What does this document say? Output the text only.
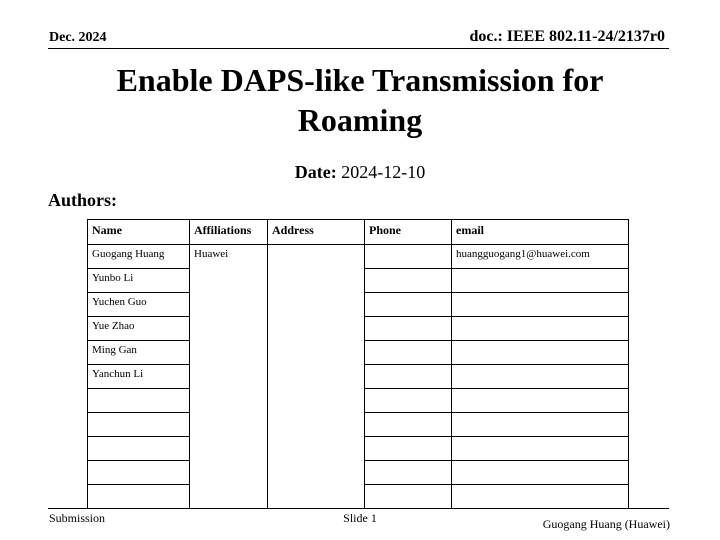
Dec. 2024	doc.: IEEE 802.11-24/2137r0
Enable DAPS-like Transmission for Roaming
Date: 2024-12-10
Authors:
Name	Affiliations	Address	Phone	email
Guogang Huang	Huawei			huangguogang1@huawei.com
Yunbo Li				
Yuchen Guo				
Yue Zhao				
Ming Gan				
Yanchun Li				

Submission	Slide 1	Guogang Huang (Huawei)
